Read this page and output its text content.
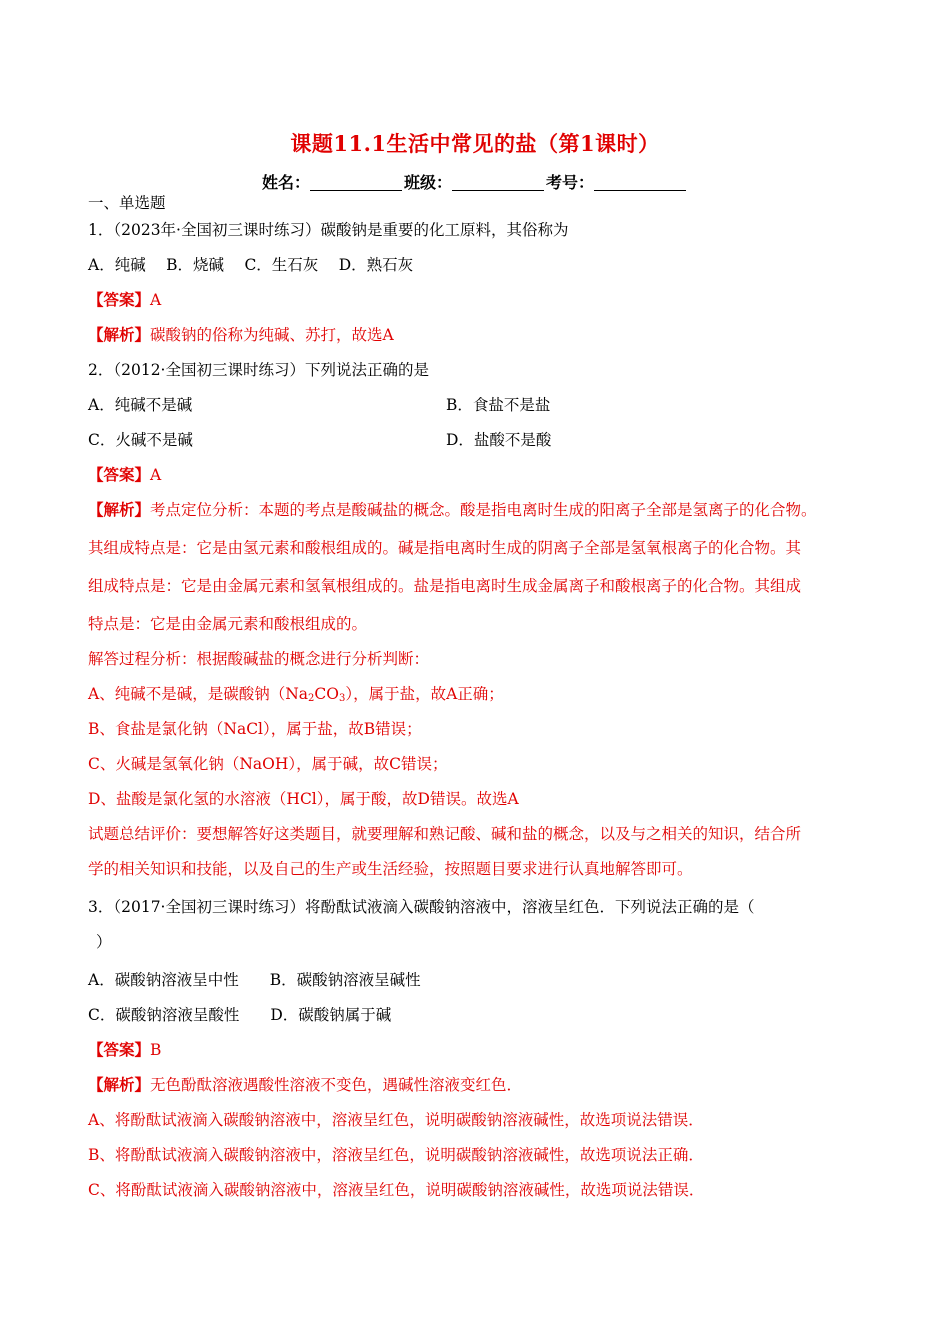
课题11.1生活中常见的盐（第1课时）
姓名：	班级：	考号：
一、单选题
1．（2023年·全国初三课时练习）碳酸钠是重要的化工原料，其俗称为
A．纯碱　 B．烧碱　 C．生石灰　 D．熟石灰
【答案】A
【解析】碳酸钠的俗称为纯碱、苏打，故选A
2．（2012·全国初三课时练习）下列说法正确的是
A．纯碱不是碱	B．食盐不是盐
C．火碱不是碱	D．盐酸不是酸
【答案】A
【解析】考点定位分析：本题的考点是酸碱盐的概念。酸是指电离时生成的阳离子全部是氢离子的化合物。
其组成特点是：它是由氢元素和酸根组成的。碱是指电离时生成的阴离子全部是氢氧根离子的化合物。其
组成特点是：它是由金属元素和氢氧根组成的。盐是指电离时生成金属离子和酸根离子的化合物。其组成
特点是：它是由金属元素和酸根组成的。
解答过程分析：根据酸碱盐的概念进行分析判断：
A、纯碱不是碱，是碳酸钠$(Na_2CO_3)$，属于盐，故A正确；
B、食盐是氯化钠（NaCl），属于盐，故B错误；
C、火碱是氢氧化钠（NaOH），属于碱，故C错误；
D、盐酸是氯化氢的水溶液（HCl），属于酸，故D错误。故选A
试题总结评价：要想解答好这类题目，就要理解和熟记酸、碱和盐的概念，以及与之相关的知识，结合所
学的相关知识和技能，以及自己的生产或生活经验，按照题目要求进行认真地解答即可。
3．（2017·全国初三课时练习）将酚酞试液滴入碳酸钠溶液中，溶液呈红色．下列说法正确的是（
）
A．碳酸钠溶液呈中性　　B．碳酸钠溶液呈碱性
C．碳酸钠溶液呈酸性　　D．碳酸钠属于碱
【答案】B
【解析】无色酚酞溶液遇酸性溶液不变色，遇碱性溶液变红色．
A、将酚酞试液滴入碳酸钠溶液中，溶液呈红色，说明碳酸钠溶液碱性，故选项说法错误．
B、将酚酞试液滴入碳酸钠溶液中，溶液呈红色，说明碳酸钠溶液碱性，故选项说法正确．
C、将酚酞试液滴入碳酸钠溶液中，溶液呈红色，说明碳酸钠溶液碱性，故选项说法错误．
